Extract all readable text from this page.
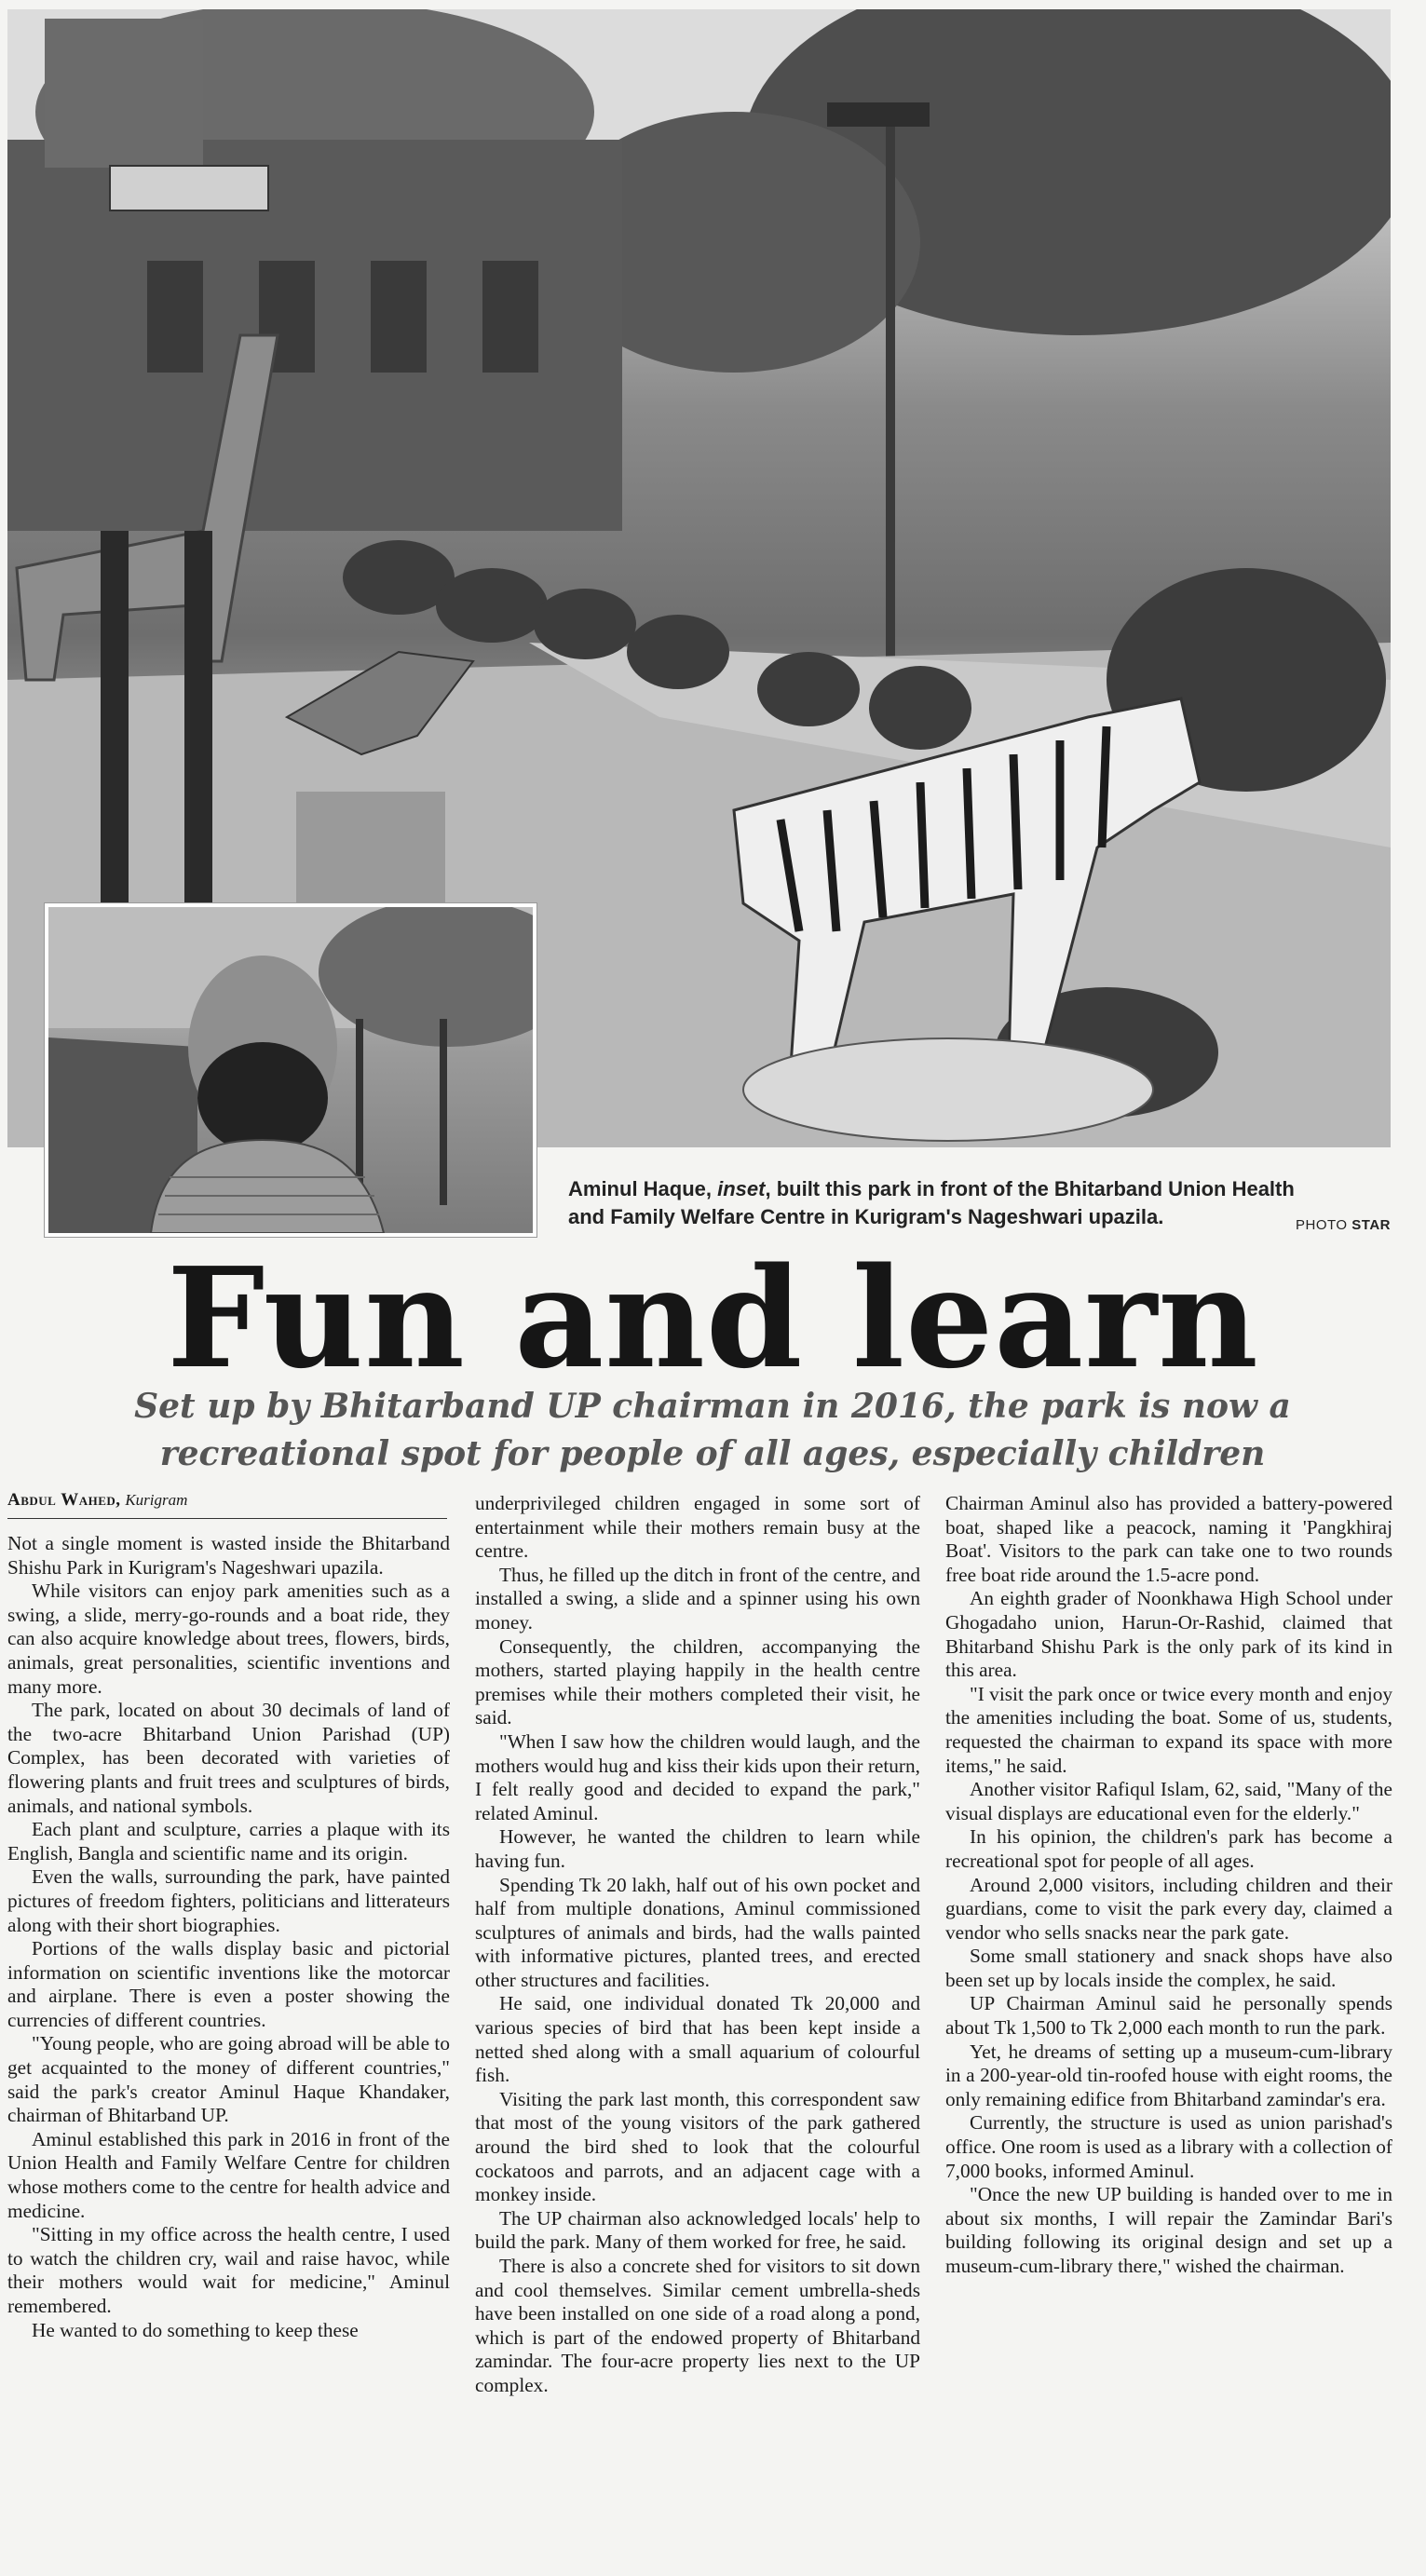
Aminul Haque, inset, built this park in front of the Bhitarband Union Health and Family Welfare Centre in Kurigram's Nageshwari upazila.	PHOTO STAR
Fun and learn
Set up by Bhitarband UP chairman in 2016, the park is now a recreational spot for people of all ages, especially children
Abdul Wahed, Kurigram

Not a single moment is wasted inside the Bhitarband Shishu Park in Kurigram's Nageshwari upazila.

While visitors can enjoy park amenities such as a swing, a slide, merry-go-rounds and a boat ride, they can also acquire knowledge about trees, flowers, birds, animals, great personalities, scientific inventions and many more.

The park, located on about 30 decimals of land of the two-acre Bhitarband Union Parishad (UP) Complex, has been decorated with varieties of flowering plants and fruit trees and sculptures of birds, animals, and national symbols.

Each plant and sculpture, carries a plaque with its English, Bangla and scientific name and its origin.

Even the walls, surrounding the park, have painted pictures of freedom fighters, politicians and litterateurs along with their short biographies.

Portions of the walls display basic and pictorial information on scientific inventions like the motorcar and airplane. There is even a poster showing the currencies of different countries.

"Young people, who are going abroad will be able to get acquainted to the money of different countries," said the park's creator Aminul Haque Khandaker, chairman of Bhitarband UP.

Aminul established this park in 2016 in front of the Union Health and Family Welfare Centre for children whose mothers come to the centre for health advice and medicine.

"Sitting in my office across the health centre, I used to watch the children cry, wail and raise havoc, while their mothers would wait for medicine," Aminul remembered.

He wanted to do something to keep these

underprivileged children engaged in some sort of entertainment while their mothers remain busy at the centre.

Thus, he filled up the ditch in front of the centre, and installed a swing, a slide and a spinner using his own money.

Consequently, the children, accompanying the mothers, started playing happily in the health centre premises while their mothers completed their visit, he said.

"When I saw how the children would laugh, and the mothers would hug and kiss their kids upon their return, I felt really good and decided to expand the park," related Aminul.

However, he wanted the children to learn while having fun.

Spending Tk 20 lakh, half out of his own pocket and half from multiple donations, Aminul commissioned sculptures of animals and birds, had the walls painted with informative pictures, planted trees, and erected other structures and facilities.

He said, one individual donated Tk 20,000 and various species of bird that has been kept inside a netted shed along with a small aquarium of colourful fish.

Visiting the park last month, this correspondent saw that most of the young visitors of the park gathered around the bird shed to look that the colourful cockatoos and parrots, and an adjacent cage with a monkey inside.

The UP chairman also acknowledged locals' help to build the park. Many of them worked for free, he said.

There is also a concrete shed for visitors to sit down and cool themselves. Similar cement umbrella-sheds have been installed on one side of a road along a pond, which is part of the endowed property of Bhitarband zamindar. The four-acre property lies next to the UP complex.

Chairman Aminul also has provided a battery-powered boat, shaped like a peacock, naming it 'Pangkhiraj Boat'. Visitors to the park can take one to two rounds free boat ride around the 1.5-acre pond.

An eighth grader of Noonkhawa High School under Ghogadaho union, Harun-Or-Rashid, claimed that Bhitarband Shishu Park is the only park of its kind in this area.

"I visit the park once or twice every month and enjoy the amenities including the boat. Some of us, students, requested the chairman to expand its space with more items," he said.

Another visitor Rafiqul Islam, 62, said, "Many of the visual displays are educational even for the elderly."

In his opinion, the children's park has become a recreational spot for people of all ages.

Around 2,000 visitors, including children and their guardians, come to visit the park every day, claimed a vendor who sells snacks near the park gate.

Some small stationery and snack shops have also been set up by locals inside the complex, he said.

UP Chairman Aminul said he personally spends about Tk 1,500 to Tk 2,000 each month to run the park.

Yet, he dreams of setting up a museum-cum-library in a 200-year-old tin-roofed house with eight rooms, the only remaining edifice from Bhitarband zamindar's era.

Currently, the structure is used as union parishad's office. One room is used as a library with a collection of 7,000 books, informed Aminul.

"Once the new UP building is handed over to me in about six months, I will repair the Zamindar Bari's building following its original design and set up a museum-cum-library there," wished the chairman.
